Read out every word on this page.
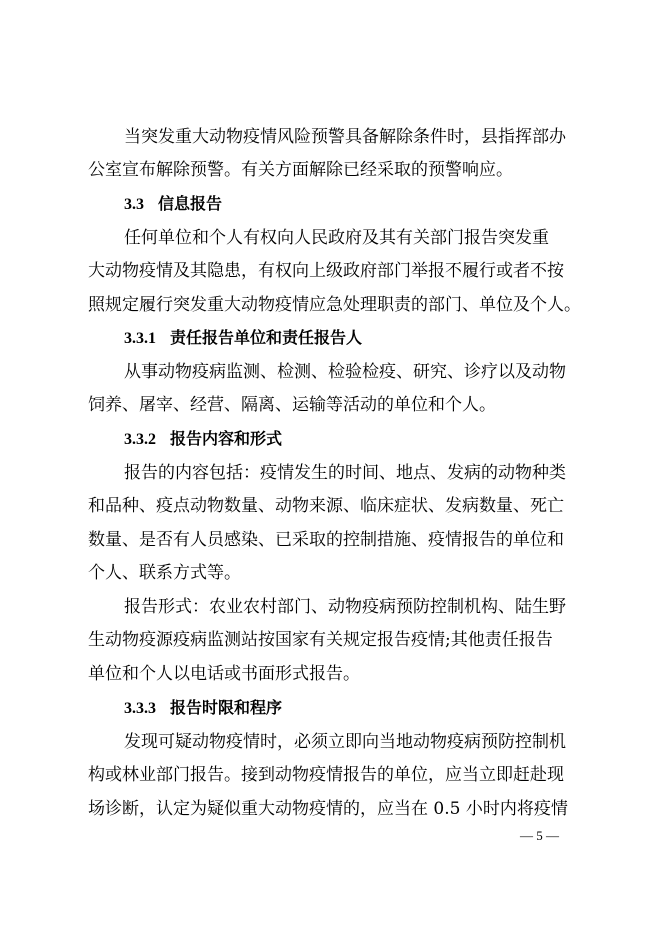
当突发重大动物疫情风险预警具备解除条件时，县指挥部办
公室宣布解除预警。有关方面解除已经采取的预警响应。
3.3 信息报告
任何单位和个人有权向人民政府及其有关部门报告突发重
大动物疫情及其隐患，有权向上级政府部门举报不履行或者不按
照规定履行突发重大动物疫情应急处理职责的部门、单位及个人。
3.3.1 责任报告单位和责任报告人
从事动物疫病监测、检测、检验检疫、研究、诊疗以及动物
饲养、屠宰、经营、隔离、运输等活动的单位和个人。
3.3.2 报告内容和形式
报告的内容包括：疫情发生的时间、地点、发病的动物种类
和品种、疫点动物数量、动物来源、临床症状、发病数量、死亡
数量、是否有人员感染、已采取的控制措施、疫情报告的单位和
个人、联系方式等。
报告形式：农业农村部门、动物疫病预防控制机构、陆生野
生动物疫源疫病监测站按国家有关规定报告疫情;其他责任报告
单位和个人以电话或书面形式报告。
3.3.3 报告时限和程序
发现可疑动物疫情时，必须立即向当地动物疫病预防控制机
构或林业部门报告。接到动物疫情报告的单位，应当立即赶赴现
场诊断，认定为疑似重大动物疫情的，应当在 0.5 小时内将疫情
— 5 —
